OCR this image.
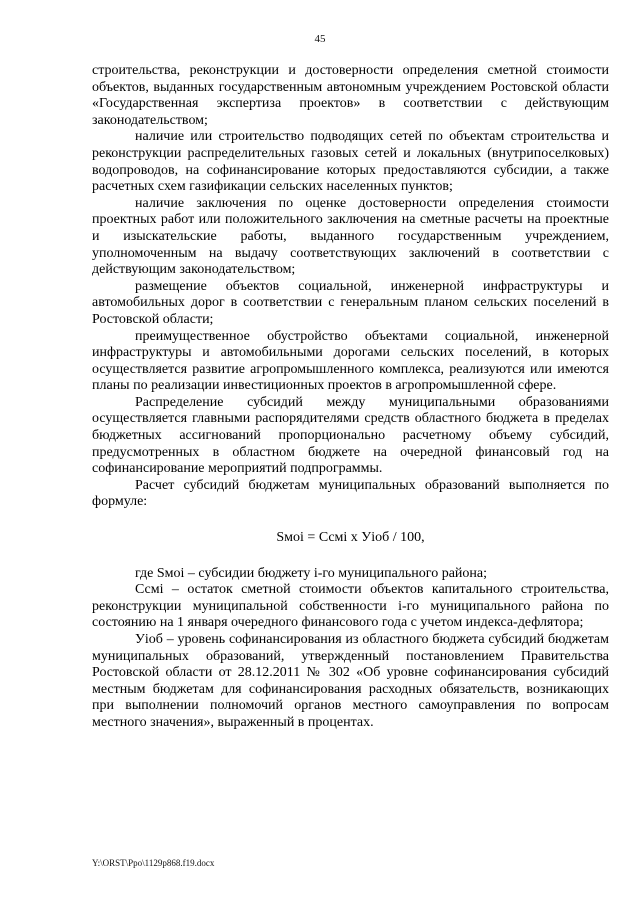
45

строительства, реконструкции и достоверности определения сметной стоимости объектов, выданных государственным автономным учреждением Ростовской области «Государственная экспертиза проектов» в соответствии с действующим законодательством;

наличие или строительство подводящих сетей по объектам строительства и реконструкции распределительных газовых сетей и локальных (внутрипоселковых) водопроводов, на софинансирование которых предоставляются субсидии, а также расчетных схем газификации сельских населенных пунктов;

наличие заключения по оценке достоверности определения стоимости проектных работ или положительного заключения на сметные расчеты на проектные и изыскательские работы, выданного государственным учреждением, уполномоченным на выдачу соответствующих заключений в соответствии с действующим законодательством;

размещение объектов социальной, инженерной инфраструктуры и автомобильных дорог в соответствии с генеральным планом сельских поселений в Ростовской области;

преимущественное обустройство объектами социальной, инженерной инфраструктуры и автомобильными дорогами сельских поселений, в которых осуществляется развитие агропромышленного комплекса, реализуются или имеются планы по реализации инвестиционных проектов в агропромышленной сфере.

Распределение субсидий между муниципальными образованиями осуществляется главными распорядителями средств областного бюджета в пределах бюджетных ассигнований пропорционально расчетному объему субсидий, предусмотренных в областном бюджете на очередной финансовый год на софинансирование мероприятий подпрограммы.

Расчет субсидий бюджетам муниципальных образований выполняется по формуле:

Sмoi = Ссмi x Уioб / 100,

где Sмoi – субсидии бюджету i-го муниципального района;

Ссмi – остаток сметной стоимости объектов капитального строительства, реконструкции муниципальной собственности i-го муниципального района по состоянию на 1 января очередного финансового года с учетом индекса-дефлятора;

Уioб – уровень софинансирования из областного бюджета субсидий бюджетам муниципальных образований, утвержденный постановлением Правительства Ростовской области от 28.12.2011 № 302 «Об уровне софинансирования субсидий местным бюджетам для софинансирования расходных обязательств, возникающих при выполнении полномочий органов местного самоуправления по вопросам местного значения», выраженный в процентах.

Y:\ORST\Ppo\1129p868.f19.docx
